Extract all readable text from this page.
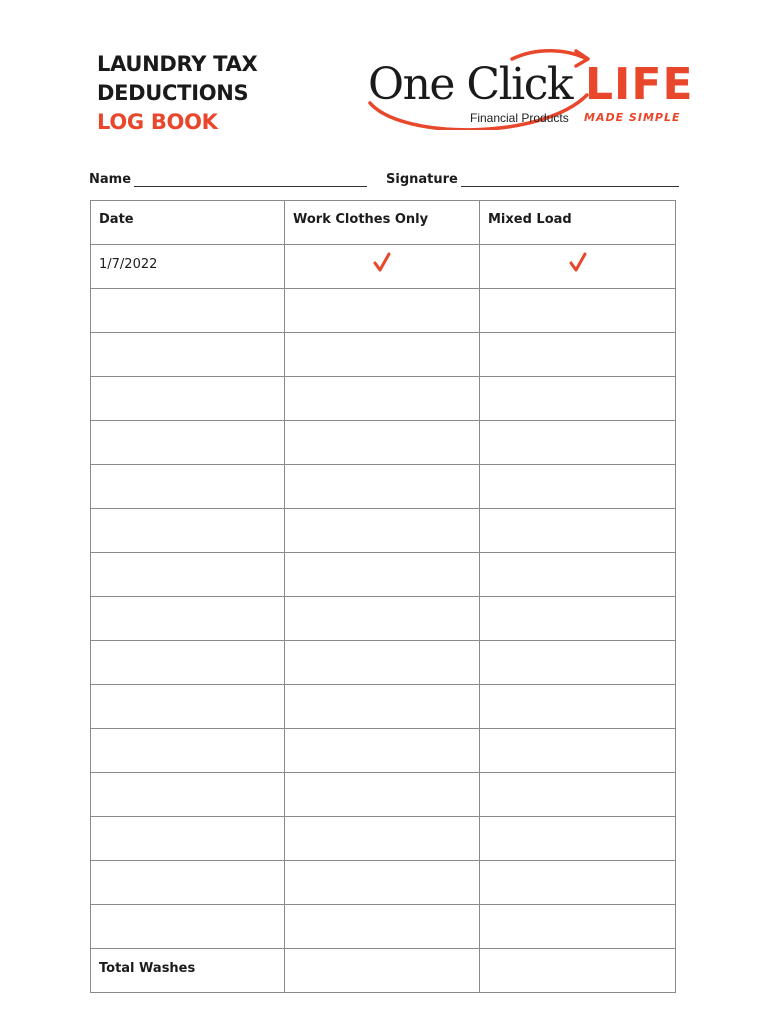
LAUNDRY TAX
DEDUCTIONS
LOG BOOK
One Click LIFE
Financial Products MADE SIMPLE
Name	Signature
Date	Work Clothes Only	Mixed Load
1/7/2022		

Total Washes		
